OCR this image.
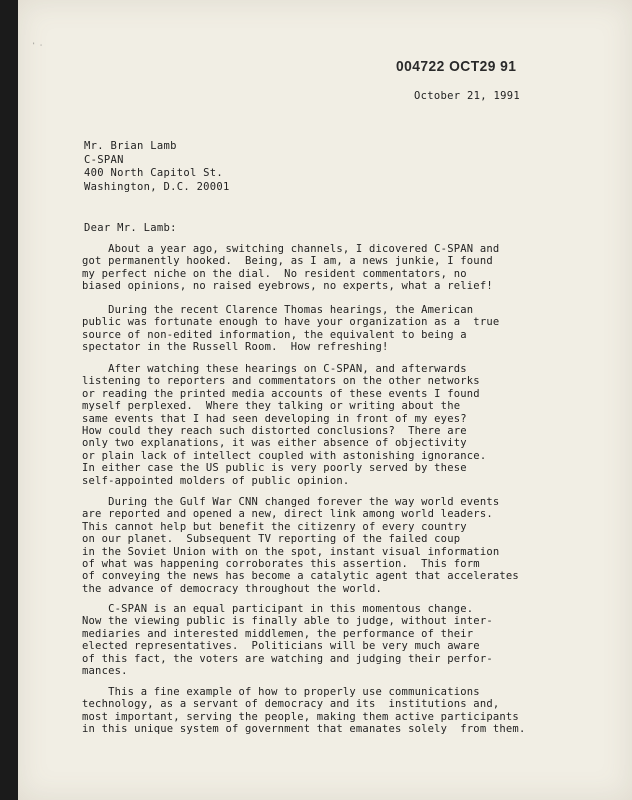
' ·
004722 OCT29 91
October 21, 1991
Mr. Brian Lamb
C-SPAN
400 North Capitol St.
Washington, D.C. 20001
Dear Mr. Lamb:
About a year ago, switching channels, I dicovered C-SPAN and
got permanently hooked.  Being, as I am, a news junkie, I found
my perfect niche on the dial.  No resident commentators, no
biased opinions, no raised eyebrows, no experts, what a relief!
During the recent Clarence Thomas hearings, the American
public was fortunate enough to have your organization as a  true
source of non-edited information, the equivalent to being a
spectator in the Russell Room.  How refreshing!
After watching these hearings on C-SPAN, and afterwards
listening to reporters and commentators on the other networks
or reading the printed media accounts of these events I found
myself perplexed.  Where they talking or writing about the
same events that I had seen developing in front of my eyes?
How could they reach such distorted conclusions?  There are
only two explanations, it was either absence of objectivity
or plain lack of intellect coupled with astonishing ignorance.
In either case the US public is very poorly served by these
self-appointed molders of public opinion.
During the Gulf War CNN changed forever the way world events
are reported and opened a new, direct link among world leaders.
This cannot help but benefit the citizenry of every country
on our planet.  Subsequent TV reporting of the failed coup
in the Soviet Union with on the spot, instant visual information
of what was happening corroborates this assertion.  This form
of conveying the news has become a catalytic agent that accelerates
the advance of democracy throughout the world.
C-SPAN is an equal participant in this momentous change.
Now the viewing public is finally able to judge, without inter-
mediaries and interested middlemen, the performance of their
elected representatives.  Politicians will be very much aware
of this fact, the voters are watching and judging their perfor-
mances.
This a fine example of how to properly use communications
technology, as a servant of democracy and its  institutions and,
most important, serving the people, making them active participants
in this unique system of government that emanates solely  from them.
